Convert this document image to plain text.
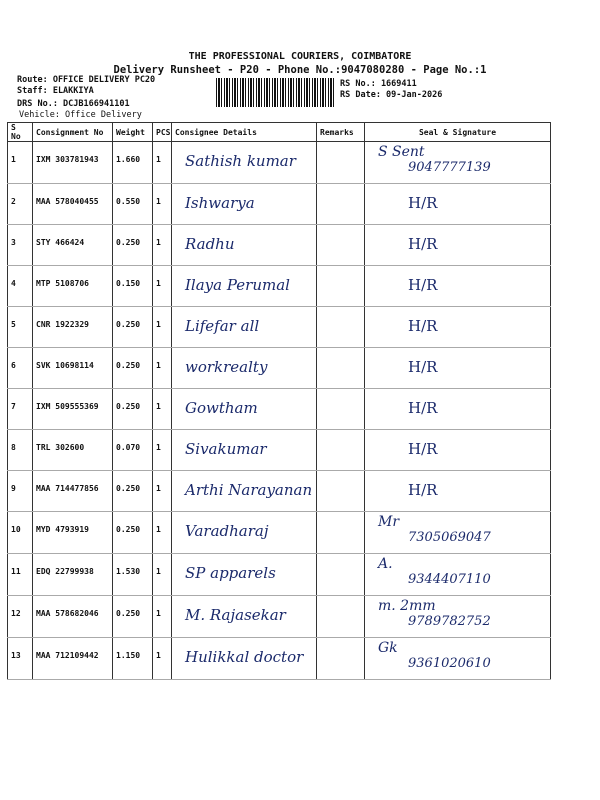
THE PROFESSIONAL COURIERS, COIMBATORE
Delivery Runsheet - P20 - Phone No.:9047080280 - Page No.:1
Route: OFFICE DELIVERY PC20
Staff: ELAKKIYA
DRS No.: DCJB166941101
Vehicle: Office Delivery
RS No.: 1669411
RS Date: 09-Jan-2026
S No	Consignment No	Weight	PCS	Consignee Details	Remarks	Seal & Signature
1	IXM 303781943	1.660	1	Sathish kumar		S Sent
9047777139

2	MAA 578040455	0.550	1	Ishwarya		H/R

3	STY 466424	0.250	1	Radhu		H/R

4	MTP 5108706	0.150	1	Ilaya Perumal		H/R

5	CNR 1922329	0.250	1	Lifefar all		H/R

6	SVK 10698114	0.250	1	workrealty		H/R

7	IXM 509555369	0.250	1	Gowtham		H/R

8	TRL 302600	0.070	1	Sivakumar		H/R

9	MAA 714477856	0.250	1	Arthi Narayanan		H/R

10	MYD 4793919	0.250	1	Varadharaj		Mr
7305069047

11	EDQ 22799938	1.530	1	SP apparels		A.
9344407110

12	MAA 578682046	0.250	1	M. Rajasekar		m. 2mm
9789782752

13	MAA 712109442	1.150	1	Hulikkal doctor		Gk
9361020610
